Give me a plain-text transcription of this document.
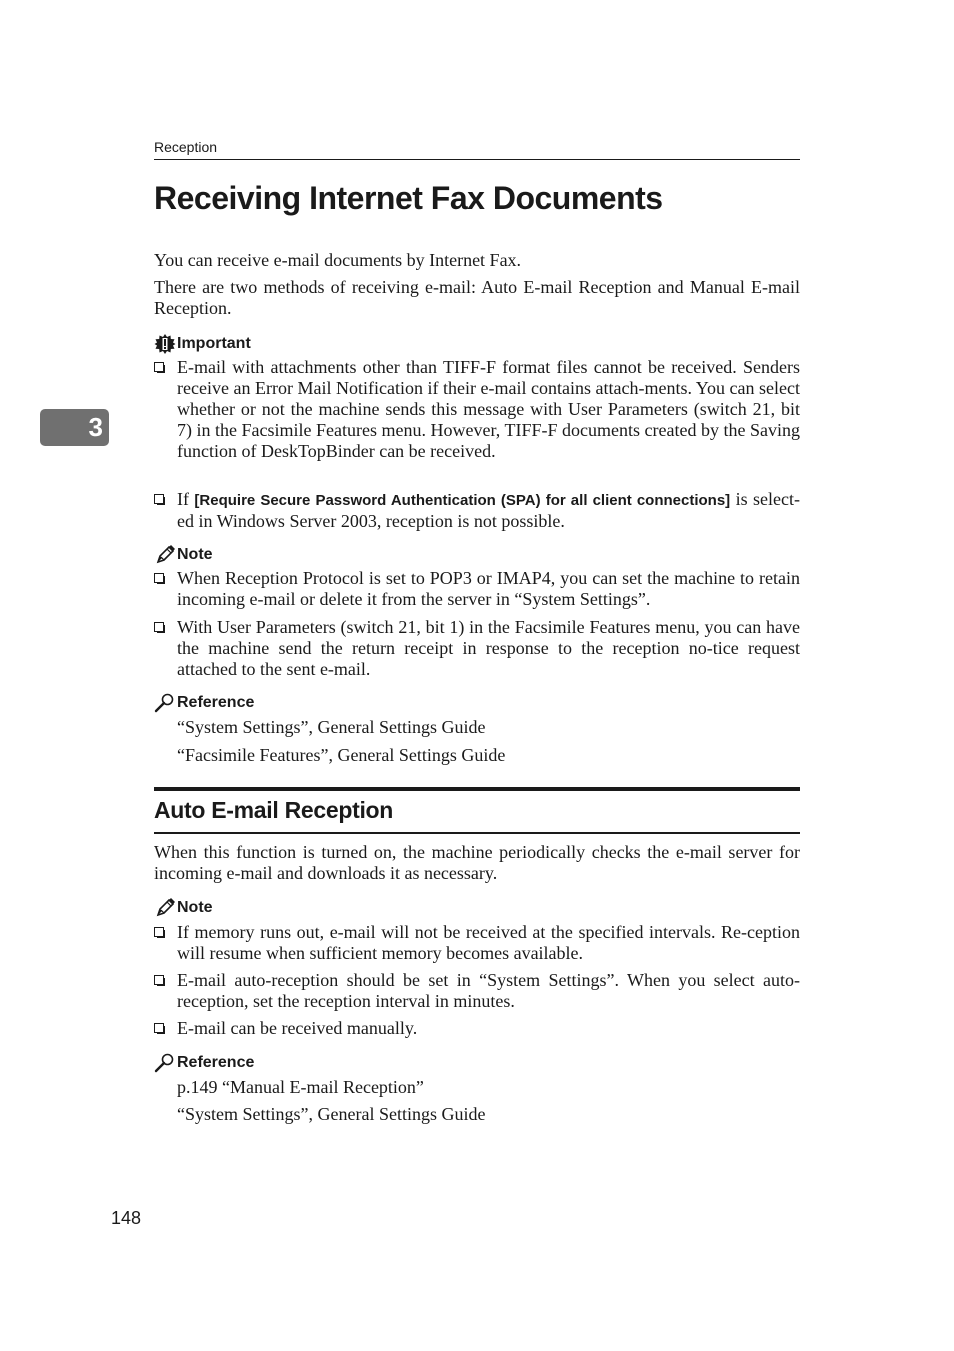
Reception
Receiving Internet Fax Documents
3

You can receive e-mail documents by Internet Fax.

There are two methods of receiving e-mail: Auto E-mail Reception and Manual E-mail Reception.

Important
E-mail with attachments other than TIFF-F format files cannot be received. Senders receive an Error Mail Notification if their e-mail contains attach-ments. You can select whether or not the machine sends this message with User Parameters (switch 21, bit 7) in the Facsimile Features menu. However, TIFF-F documents created by the Saving function of DeskTopBinder can be received.
If [Require Secure Password Authentication (SPA) for all client connections] is select-ed in Windows Server 2003, reception is not possible.
Note
When Reception Protocol is set to POP3 or IMAP4, you can set the machine to retain incoming e-mail or delete it from the server in “System Settings”.
With User Parameters (switch 21, bit 1) in the Facsimile Features menu, you can have the machine send the return receipt in response to the reception no-tice request attached to the sent e-mail.
Reference

“System Settings”, General Settings Guide

“Facsimile Features”, General Settings Guide

Auto E-mail Reception

When this function is turned on, the machine periodically checks the e-mail server for incoming e-mail and downloads it as necessary.

Note
If memory runs out, e-mail will not be received at the specified intervals. Re-ception will resume when sufficient memory becomes available.
E-mail auto-reception should be set in “System Settings”. When you select auto-reception, set the reception interval in minutes.
E-mail can be received manually.
Reference

p.149 “Manual E-mail Reception”

“System Settings”, General Settings Guide

148
